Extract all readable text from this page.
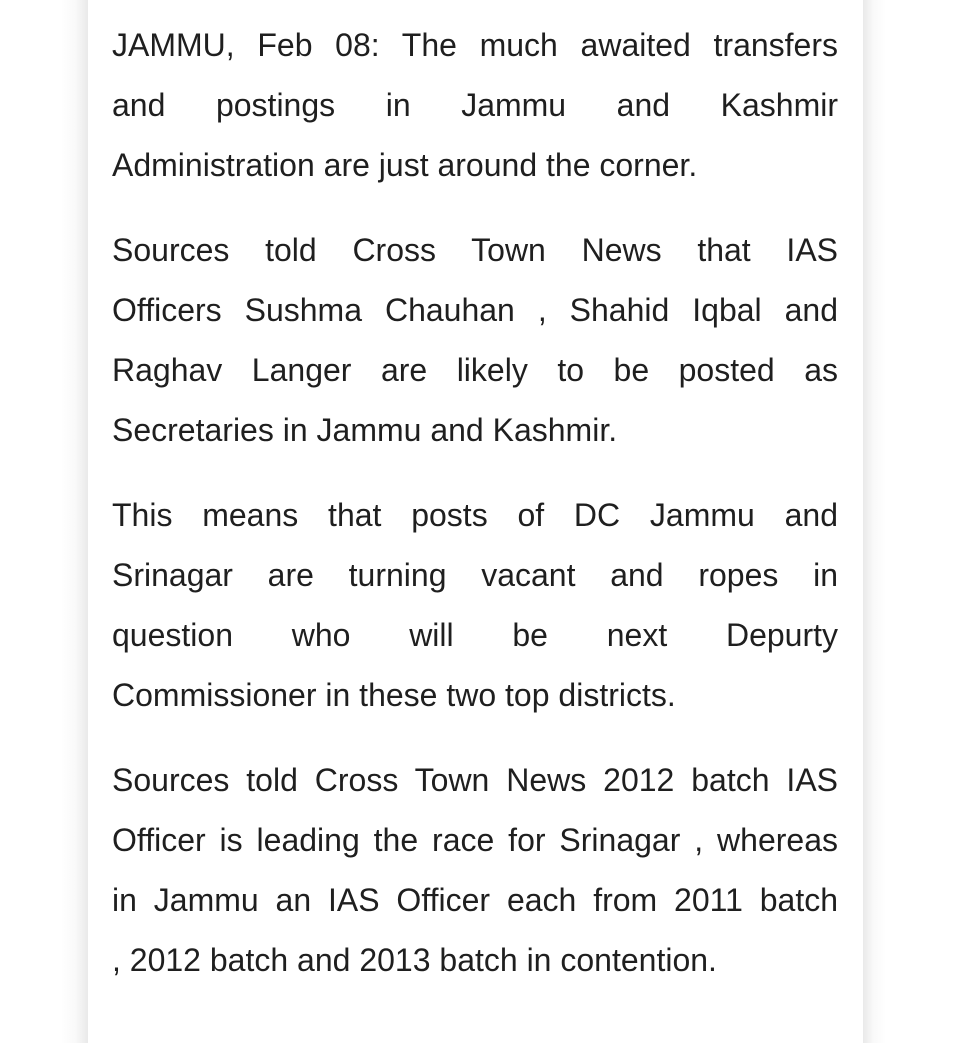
JAMMU, Feb 08: The much awaited transfers
and postings in Jammu and Kashmir
Administration are just around the corner.
Sources told Cross Town News that IAS
Officers Sushma Chauhan , Shahid Iqbal and
Raghav Langer are likely to be posted as
Secretaries in Jammu and Kashmir.
This means that posts of DC Jammu and
Srinagar are turning vacant and ropes in
question who will be next Depurty
Commissioner in these two top districts.
Sources told Cross Town News 2012 batch IAS
Officer is leading the race for Srinagar , whereas
in Jammu an IAS Officer each from 2011 batch
, 2012 batch and 2013 batch in contention.
